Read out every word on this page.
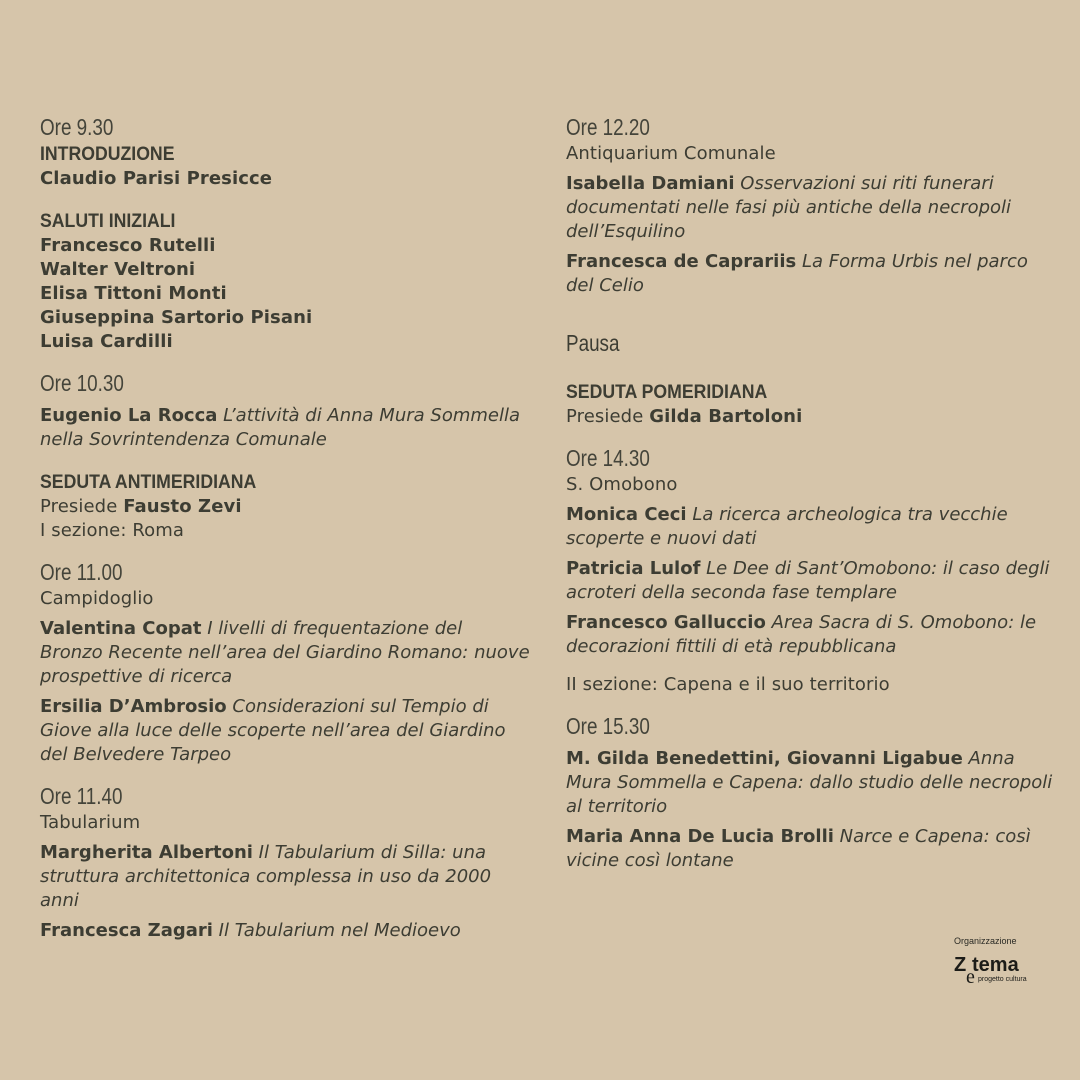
Ore 9.30
INTRODUZIONE
Claudio Parisi Presicce
SALUTI INIZIALI
Francesco Rutelli
Walter Veltroni
Elisa Tittoni Monti
Giuseppina Sartorio Pisani
Luisa Cardilli
Ore 10.30
Eugenio La Rocca L’attività di Anna Mura Sommella nella Sovrintendenza Comunale
SEDUTA ANTIMERIDIANA
Presiede Fausto Zevi
I sezione: Roma
Ore 11.00
Campidoglio
Valentina Copat I livelli di frequentazione del Bronzo Recente nell’area del Giardino Romano: nuove prospettive di ricerca
Ersilia D’Ambrosio Considerazioni sul Tempio di Giove alla luce delle scoperte nell’area del Giardino del Belvedere Tarpeo
Ore 11.40
Tabularium
Margherita Albertoni Il Tabularium di Silla: una struttura architettonica complessa in uso da 2000 anni
Francesca Zagari Il Tabularium nel Medioevo
Ore 12.20
Antiquarium Comunale
Isabella Damiani Osservazioni sui riti funerari documentati nelle fasi più antiche della necropoli dell’Esquilino
Francesca de Caprariis La Forma Urbis nel parco del Celio
Pausa
SEDUTA POMERIDIANA
Presiede Gilda Bartoloni
Ore 14.30
S. Omobono
Monica Ceci La ricerca archeologica tra vecchie scoperte e nuovi dati
Patricia Lulof Le Dee di Sant’Omobono: il caso degli acroteri della seconda fase templare
Francesco Galluccio Area Sacra di S. Omobono: le decorazioni fittili di età repubblicana
II sezione: Capena e il suo territorio
Ore 15.30
M. Gilda Benedettini, Giovanni Ligabue Anna Mura Sommella e Capena: dallo studio delle necropoli al territorio
Maria Anna De Lucia Brolli Narce e Capena: così vicine così lontane
Organizzazione
Z
e
tema
progetto cultura
